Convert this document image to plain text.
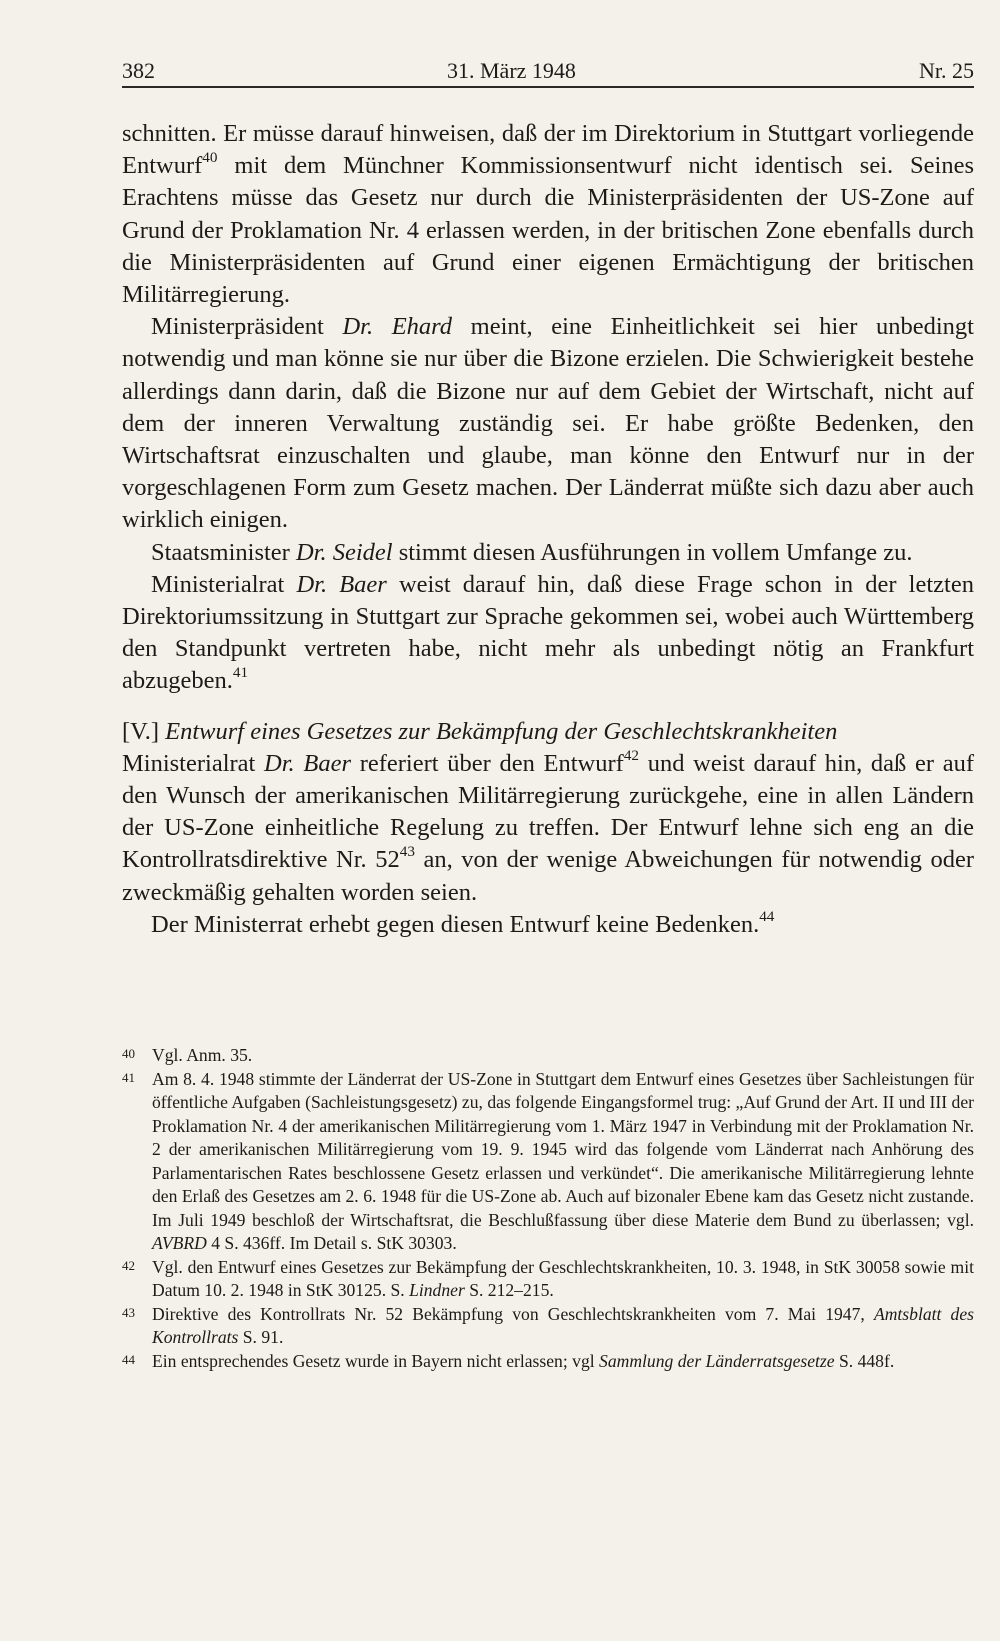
382	31. März 1948	Nr. 25

schnitten. Er müsse darauf hinweisen, daß der im Direktorium in Stuttgart vorliegende Entwurf$^{40}$ mit dem Münchner Kommissionsentwurf nicht identisch sei. Seines Erachtens müsse das Gesetz nur durch die Ministerpräsidenten der US-Zone auf Grund der Proklamation Nr. 4 erlassen werden, in der britischen Zone ebenfalls durch die Ministerpräsidenten auf Grund einer eigenen Ermächtigung der britischen Militärregierung.

Ministerpräsident Dr. Ehard meint, eine Einheitlichkeit sei hier unbedingt notwendig und man könne sie nur über die Bizone erzielen. Die Schwierigkeit bestehe allerdings dann darin, daß die Bizone nur auf dem Gebiet der Wirtschaft, nicht auf dem der inneren Verwaltung zuständig sei. Er habe größte Bedenken, den Wirtschaftsrat einzuschalten und glaube, man könne den Entwurf nur in der vorgeschlagenen Form zum Gesetz machen. Der Länderrat müßte sich dazu aber auch wirklich einigen.

Staatsminister Dr. Seidel stimmt diesen Ausführungen in vollem Umfange zu.

Ministerialrat Dr. Baer weist darauf hin, daß diese Frage schon in der letzten Direktoriumssitzung in Stuttgart zur Sprache gekommen sei, wobei auch Württemberg den Standpunkt vertreten habe, nicht mehr als unbedingt nötig an Frankfurt abzugeben.$^{41}$

[V.] Entwurf eines Gesetzes zur Bekämpfung der Geschlechtskrankheiten

Ministerialrat Dr. Baer referiert über den Entwurf$^{42}$ und weist darauf hin, daß er auf den Wunsch der amerikanischen Militärregierung zurückgehe, eine in allen Ländern der US-Zone einheitliche Regelung zu treffen. Der Entwurf lehne sich eng an die Kontrollratsdirektive Nr. $52^{43}$ an, von der wenige Abweichungen für notwendig oder zweckmäßig gehalten worden seien.

Der Ministerrat erhebt gegen diesen Entwurf keine Bedenken.$^{44}$

40 Vgl. Anm. 35.

41 Am 8. 4. 1948 stimmte der Länderrat der US-Zone in Stuttgart dem Entwurf eines Gesetzes über Sachleistungen für öffentliche Aufgaben (Sachleistungsgesetz) zu, das folgende Eingangsformel trug: „Auf Grund der Art. II und III der Proklamation Nr. 4 der amerikanischen Militärregierung vom 1. März 1947 in Verbindung mit der Proklamation Nr. 2 der amerikanischen Militärregierung vom 19. 9. 1945 wird das folgende vom Länderrat nach Anhörung des Parlamentarischen Rates beschlossene Gesetz erlassen und verkündet“. Die amerikanische Militärregierung lehnte den Erlaß des Gesetzes am 2. 6. 1948 für die US-Zone ab. Auch auf bizonaler Ebene kam das Gesetz nicht zustande. Im Juli 1949 beschloß der Wirtschaftsrat, die Beschlußfassung über diese Materie dem Bund zu überlassen; vgl. AVBRD 4 S. 436ff. Im Detail s. StK 30303.

42 Vgl. den Entwurf eines Gesetzes zur Bekämpfung der Geschlechtskrankheiten, 10. 3. 1948, in StK 30058 sowie mit Datum 10. 2. 1948 in StK 30125. S. Lindner S. 212–215.

43 Direktive des Kontrollrats Nr. 52 Bekämpfung von Geschlechtskrankheiten vom 7. Mai 1947, Amtsblatt des Kontrollrats S. 91.

44 Ein entsprechendes Gesetz wurde in Bayern nicht erlassen; vgl Sammlung der Länderratsgesetze S. 448f.
